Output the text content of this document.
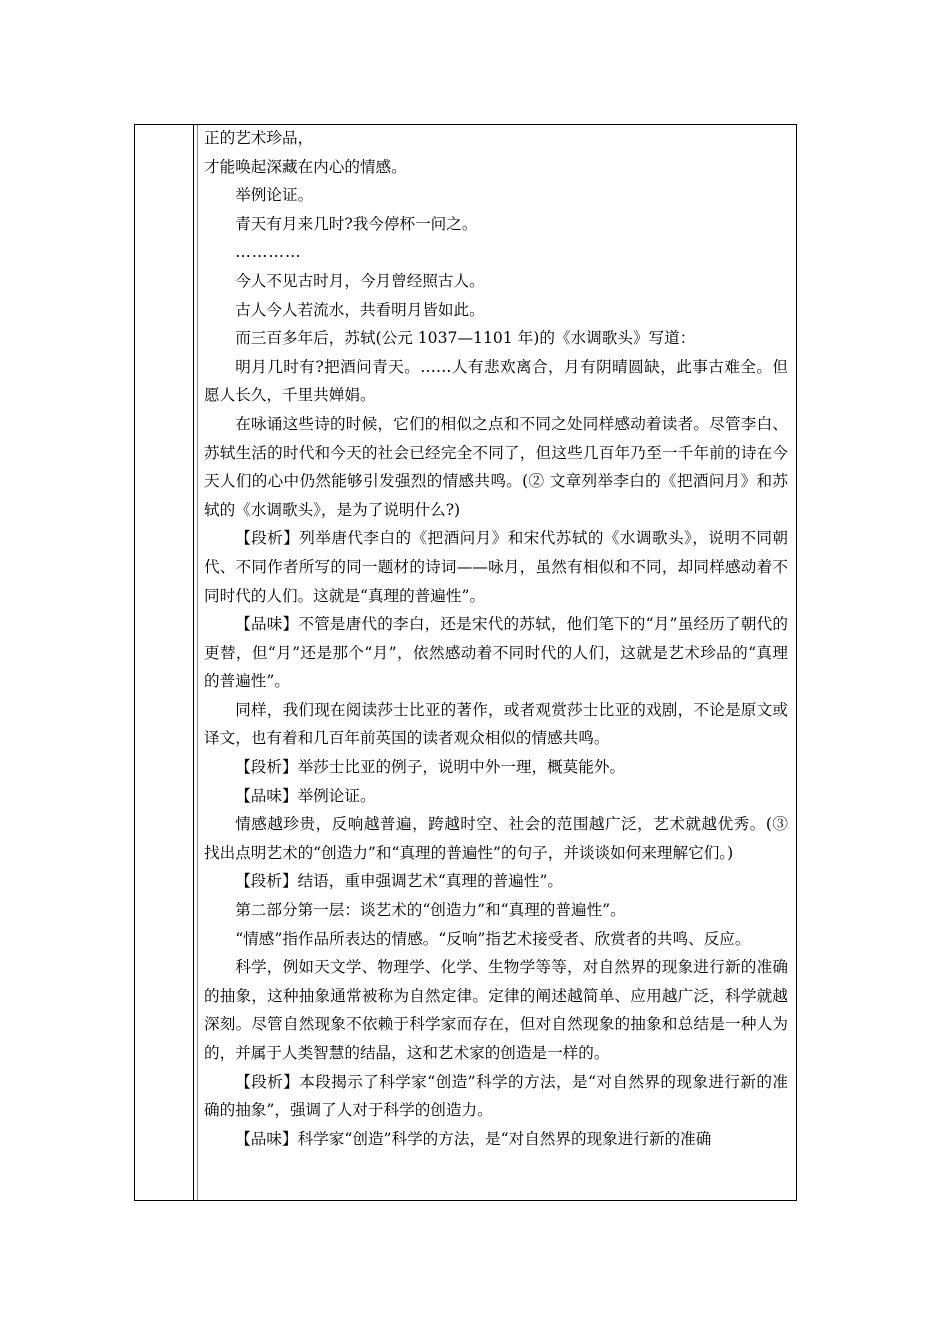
正的艺术珍品，

才能唤起深藏在内心的情感。

举例论证。

青天有月来几时?我今停杯一问之。

…………

今人不见古时月，今月曾经照古人。

古人今人若流水，共看明月皆如此。

而三百多年后，苏轼(公元 1037—1101 年)的《水调歌头》写道：

明月几时有?把酒问青天。……人有悲欢离合，月有阴晴圆缺，此事古难全。但愿人长久，千里共婵娟。

在咏诵这些诗的时候，它们的相似之点和不同之处同样感动着读者。尽管李白、苏轼生活的时代和今天的社会已经完全不同了，但这些几百年乃至一千年前的诗在今天人们的心中仍然能够引发强烈的情感共鸣。(② 文章列举李白的《把酒问月》和苏轼的《水调歌头》，是为了说明什么?)

【段析】列举唐代李白的《把酒问月》和宋代苏轼的《水调歌头》，说明不同朝代、不同作者所写的同一题材的诗词——咏月，虽然有相似和不同，却同样感动着不同时代的人们。这就是“真理的普遍性”。

【品味】不管是唐代的李白，还是宋代的苏轼，他们笔下的“月”虽经历了朝代的更替，但“月”还是那个“月”，依然感动着不同时代的人们，这就是艺术珍品的“真理的普遍性”。

同样，我们现在阅读莎士比亚的著作，或者观赏莎士比亚的戏剧，不论是原文或译文，也有着和几百年前英国的读者观众相似的情感共鸣。

【段析】举莎士比亚的例子，说明中外一理，概莫能外。

【品味】举例论证。

情感越珍贵，反响越普遍，跨越时空、社会的范围越广泛，艺术就越优秀。(③ 找出点明艺术的“创造力”和“真理的普遍性”的句子，并谈谈如何来理解它们。)

【段析】结语，重申强调艺术“真理的普遍性”。

第二部分第一层：谈艺术的“创造力”和“真理的普遍性”。

“情感”指作品所表达的情感。“反响”指艺术接受者、欣赏者的共鸣、反应。

科学，例如天文学、物理学、化学、生物学等等，对自然界的现象进行新的准确的抽象，这种抽象通常被称为自然定律。定律的阐述越简单、应用越广泛，科学就越深刻。尽管自然现象不依赖于科学家而存在，但对自然现象的抽象和总结是一种人为的，并属于人类智慧的结晶，这和艺术家的创造是一样的。

【段析】本段揭示了科学家“创造”科学的方法，是“对自然界的现象进行新的准确的抽象”，强调了人对于科学的创造力。

【品味】科学家“创造”科学的方法，是“对自然界的现象进行新的准确
